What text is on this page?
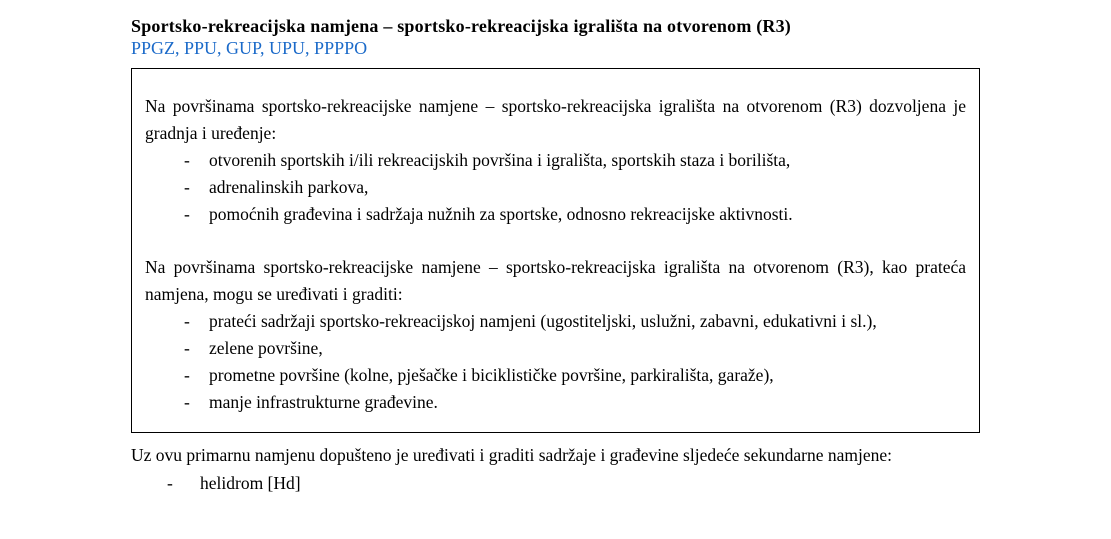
Sportsko-rekreacijska namjena – sportsko-rekreacijska igrališta na otvorenom (R3)
PPGZ, PPU, GUP, UPU, PPPPO

Na površinama sportsko-rekreacijske namjene – sportsko-rekreacijska igrališta na otvorenom (R3) dozvoljena je gradnja i uređenje:

-	otvorenih sportskih i/ili rekreacijskih površina i igrališta, sportskih staza i borilišta,
-	adrenalinskih parkova,
-	pomoćnih građevina i sadržaja nužnih za sportske, odnosno rekreacijske aktivnosti.

Na površinama sportsko-rekreacijske namjene – sportsko-rekreacijska igrališta na otvorenom (R3), kao prateća namjena, mogu se uređivati i graditi:

-	prateći sadržaji sportsko-rekreacijskoj namjeni (ugostiteljski, uslužni, zabavni, edukativni i sl.),
-	zelene površine,
-	prometne površine (kolne, pješačke i biciklističke površine, parkirališta, garaže),
-	manje infrastrukturne građevine.

Uz ovu primarnu namjenu dopušteno je uređivati i graditi sadržaje i građevine sljedeće sekundarne namjene:

-	helidrom [Hd]
